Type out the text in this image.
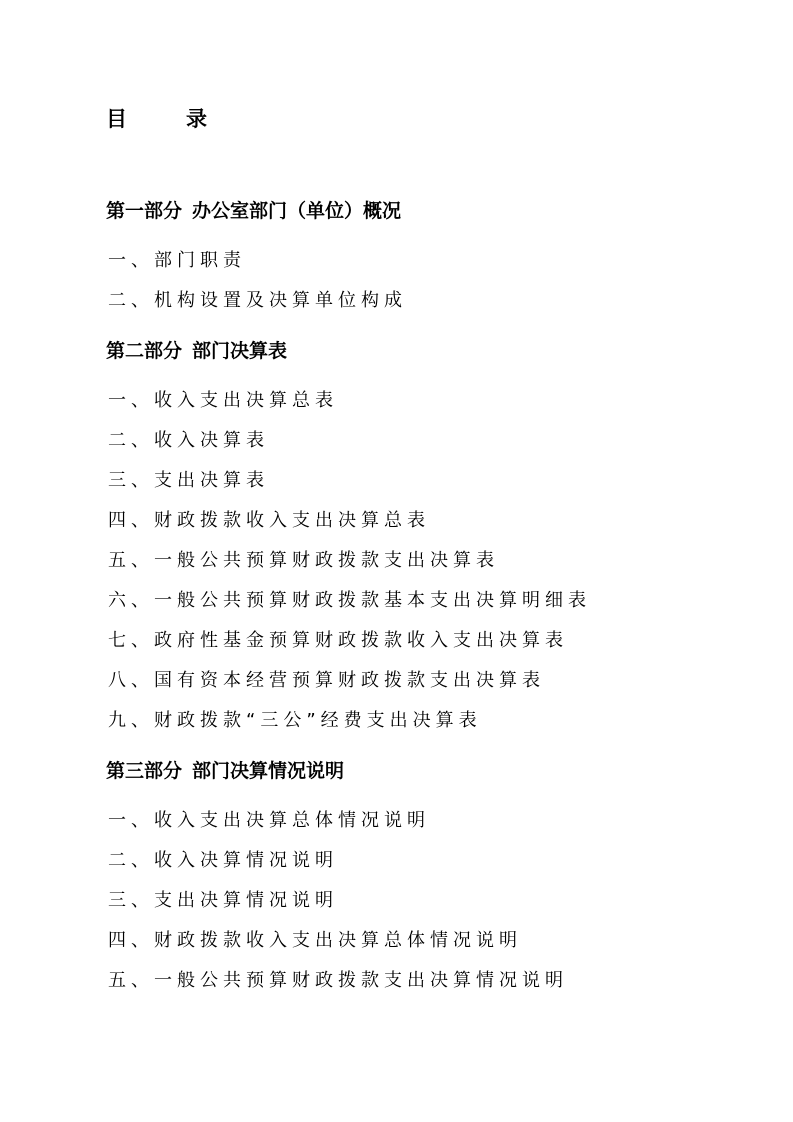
目　录
第一部分 办公室部门（单位）概况
一、部门职责
二、机构设置及决算单位构成
第二部分 部门决算表
一、收入支出决算总表
二、收入决算表
三、支出决算表
四、财政拨款收入支出决算总表
五、一般公共预算财政拨款支出决算表
六、一般公共预算财政拨款基本支出决算明细表
七、政府性基金预算财政拨款收入支出决算表
八、国有资本经营预算财政拨款支出决算表
九、财政拨款“三公”经费支出决算表
第三部分 部门决算情况说明
一、收入支出决算总体情况说明
二、收入决算情况说明
三、支出决算情况说明
四、财政拨款收入支出决算总体情况说明
五、一般公共预算财政拨款支出决算情况说明
